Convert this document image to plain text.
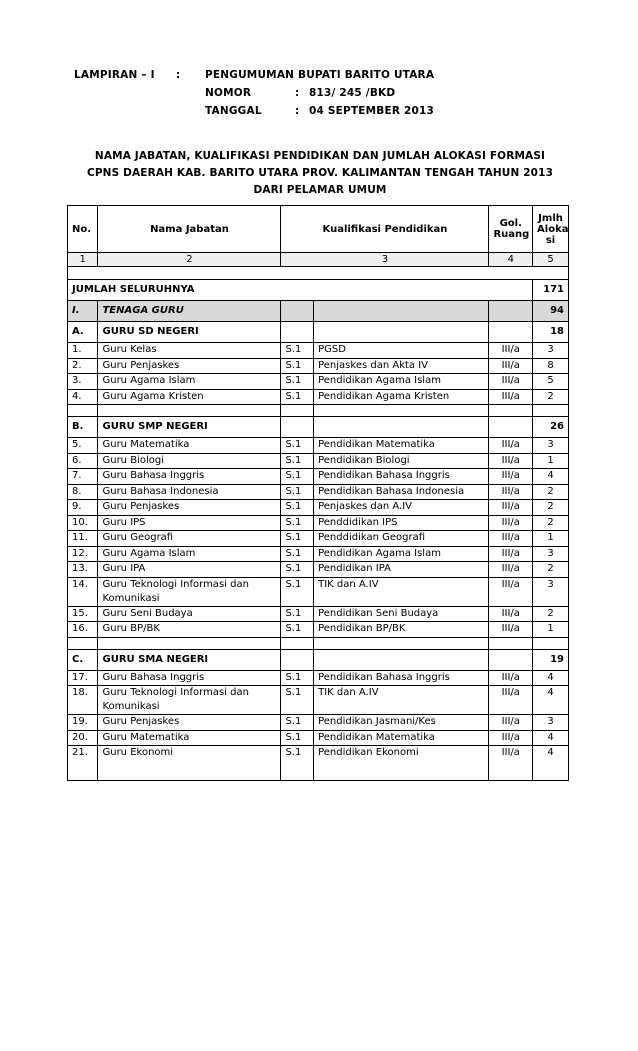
LAMPIRAN – I : PENGUMUMAN BUPATI BARITO UTARA
NOMOR	: 813/ 245 /BKD
TANGGAL	: 04 SEPTEMBER 2013
NAMA JABATAN, KUALIFIKASI PENDIDIKAN DAN JUMLAH ALOKASI FORMASI
CPNS DAERAH KAB. BARITO UTARA PROV. KALIMANTAN TENGAH TAHUN 2013
DARI PELAMAR UMUM
No.	Nama Jabatan	Kualifikasi Pendidikan		Gol. Ruang	Jmlh Aloka si
1	2	3		4	5

JUMLAH SELURUHNYA					171
I.	TENAGA GURU				94
A.	GURU SD NEGERI				18
1.	Guru Kelas	S.1	PGSD	III/a	3
2.	Guru Penjaskes	S.1	Penjaskes dan Akta IV	III/a	8
3.	Guru Agama Islam	S.1	Pendidikan Agama Islam	III/a	5
4.	Guru Agama Kristen	S.1	Pendidikan Agama Kristen	III/a	2

B.	GURU SMP NEGERI				26
5.	Guru Matematika	S.1	Pendidikan Matematika	III/a	3
6.	Guru Biologi	S.1	Pendidikan Biologi	III/a	1
7.	Guru Bahasa Inggris	S.1	Pendidikan Bahasa Inggris	III/a	4
8.	Guru Bahasa Indonesia	S.1	Pendidikan Bahasa Indonesia	III/a	2
9.	Guru Penjaskes	S.1	Penjaskes dan A.IV	III/a	2
10.	Guru IPS	S.1	Penddidikan IPS	III/a	2
11.	Guru Geografi	S.1	Penddidikan Geografi	III/a	1
12.	Guru Agama Islam	S.1	Pendidikan Agama Islam	III/a	3
13.	Guru IPA	S.1	Pendidikan IPA	III/a	2
14.	Guru Teknologi Informasi dan Komunikasi	S.1	TIK dan A.IV	III/a	3
15.	Guru Seni Budaya	S.1	Pendidikan Seni Budaya	III/a	2
16.	Guru BP/BK	S.1	Pendidikan BP/BK	III/a	1

C.	GURU SMA NEGERI				19
17.	Guru Bahasa Inggris	S.1	Pendidikan Bahasa Inggris	III/a	4
18.	Guru Teknologi Informasi dan Komunikasi	S.1	TIK dan A.IV	III/a	4
19.	Guru Penjaskes	S.1	Pendidikan Jasmani/Kes	III/a	3
20.	Guru Matematika	S.1	Pendidikan Matematika	III/a	4
21.	Guru Ekonomi	S.1	Pendidikan Ekonomi	III/a	4
